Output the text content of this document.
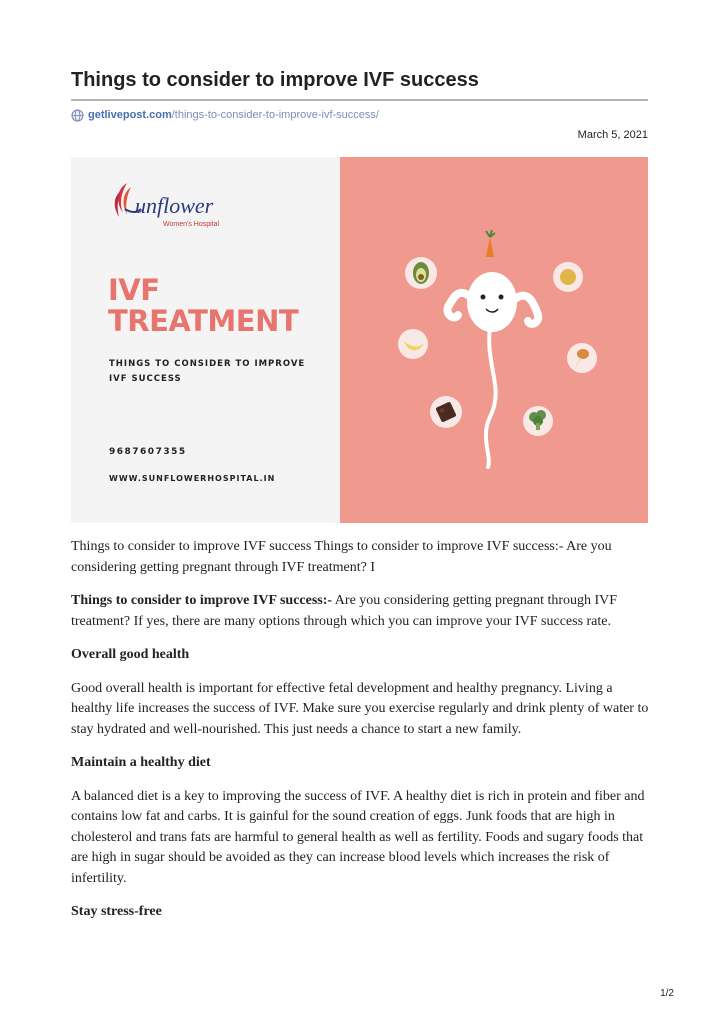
Things to consider to improve IVF success
getlivepost.com /things-to-consider-to-improve-ivf-success/
March 5, 2021
unflower
Women's Hospital
IVF
TREATMENT
THINGS TO CONSIDER TO IMPROVE
IVF SUCCESS
9687607355
WWW.SUNFLOWERHOSPITAL.IN

Things to consider to improve IVF success Things to consider to improve IVF success:- Are you considering getting pregnant through IVF treatment? I

Things to consider to improve IVF success:- Are you considering getting pregnant through IVF treatment? If yes, there are many options through which you can improve your IVF success rate.

Overall good health

Good overall health is important for effective fetal development and healthy pregnancy. Living a healthy life increases the success of IVF. Make sure you exercise regularly and drink plenty of water to stay hydrated and well-nourished. This just needs a chance to start a new family.

Maintain a healthy diet

A balanced diet is a key to improving the success of IVF. A healthy diet is rich in protein and fiber and contains low fat and carbs. It is gainful for the sound creation of eggs. Junk foods that are high in cholesterol and trans fats are harmful to general health as well as fertility. Foods and sugary foods that are high in sugar should be avoided as they can increase blood levels which increases the risk of infertility.

Stay stress-free
1/2
